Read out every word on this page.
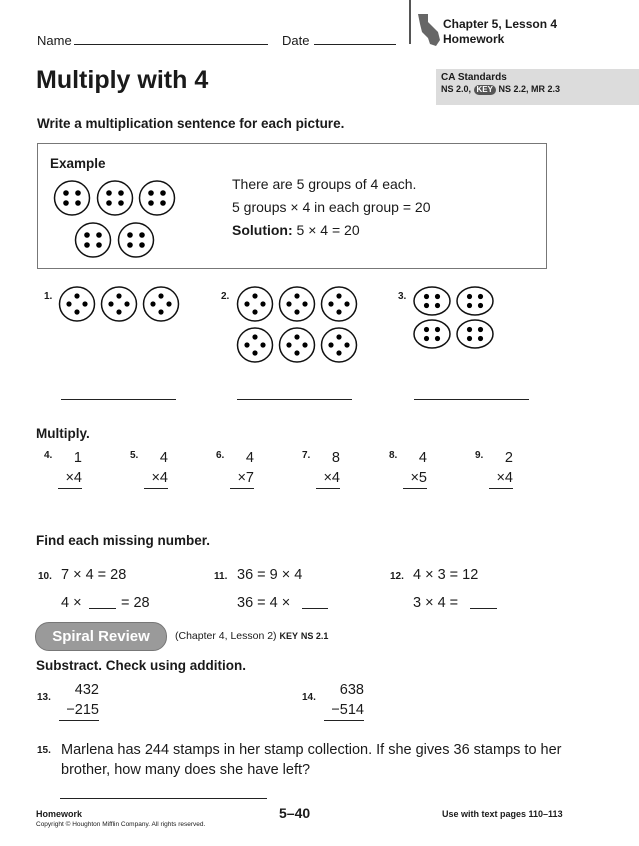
Name	Date
Chapter 5, Lesson 4
Homework
Multiply with 4	CA Standards
NS 2.0, KEY NS 2.2, MR 2.3
Write a multiplication sentence for each picture.
Example
There are 5 groups of 4 each.
5 groups × 4 in each group = 20
Solution: 5 × 4 = 20
1.	2.	3.
Multiply.
4.	1
×4
5.	4
×4
6.	4
×7
7.	8
×4
8.	4
×5
9.	2
×4
Find each missing number.
10. 7 × 4 = 28
4 ×	= 28
11. 36 = 9 × 4
36 = 4 ×
12. 4 × 3 = 12
3 × 4 =
Spiral Review	(Chapter 4, Lesson 2) KEY NS 2.1
Substract. Check using addition.
13.	432
−215
14.	638
−514
15. Marlena has 244 stamps in her stamp collection. If she gives 36 stamps to her
brother, how many does she have left?
Homework
Copyright © Houghton Mifflin Company. All rights reserved.
5–40	Use with text pages 110–113
